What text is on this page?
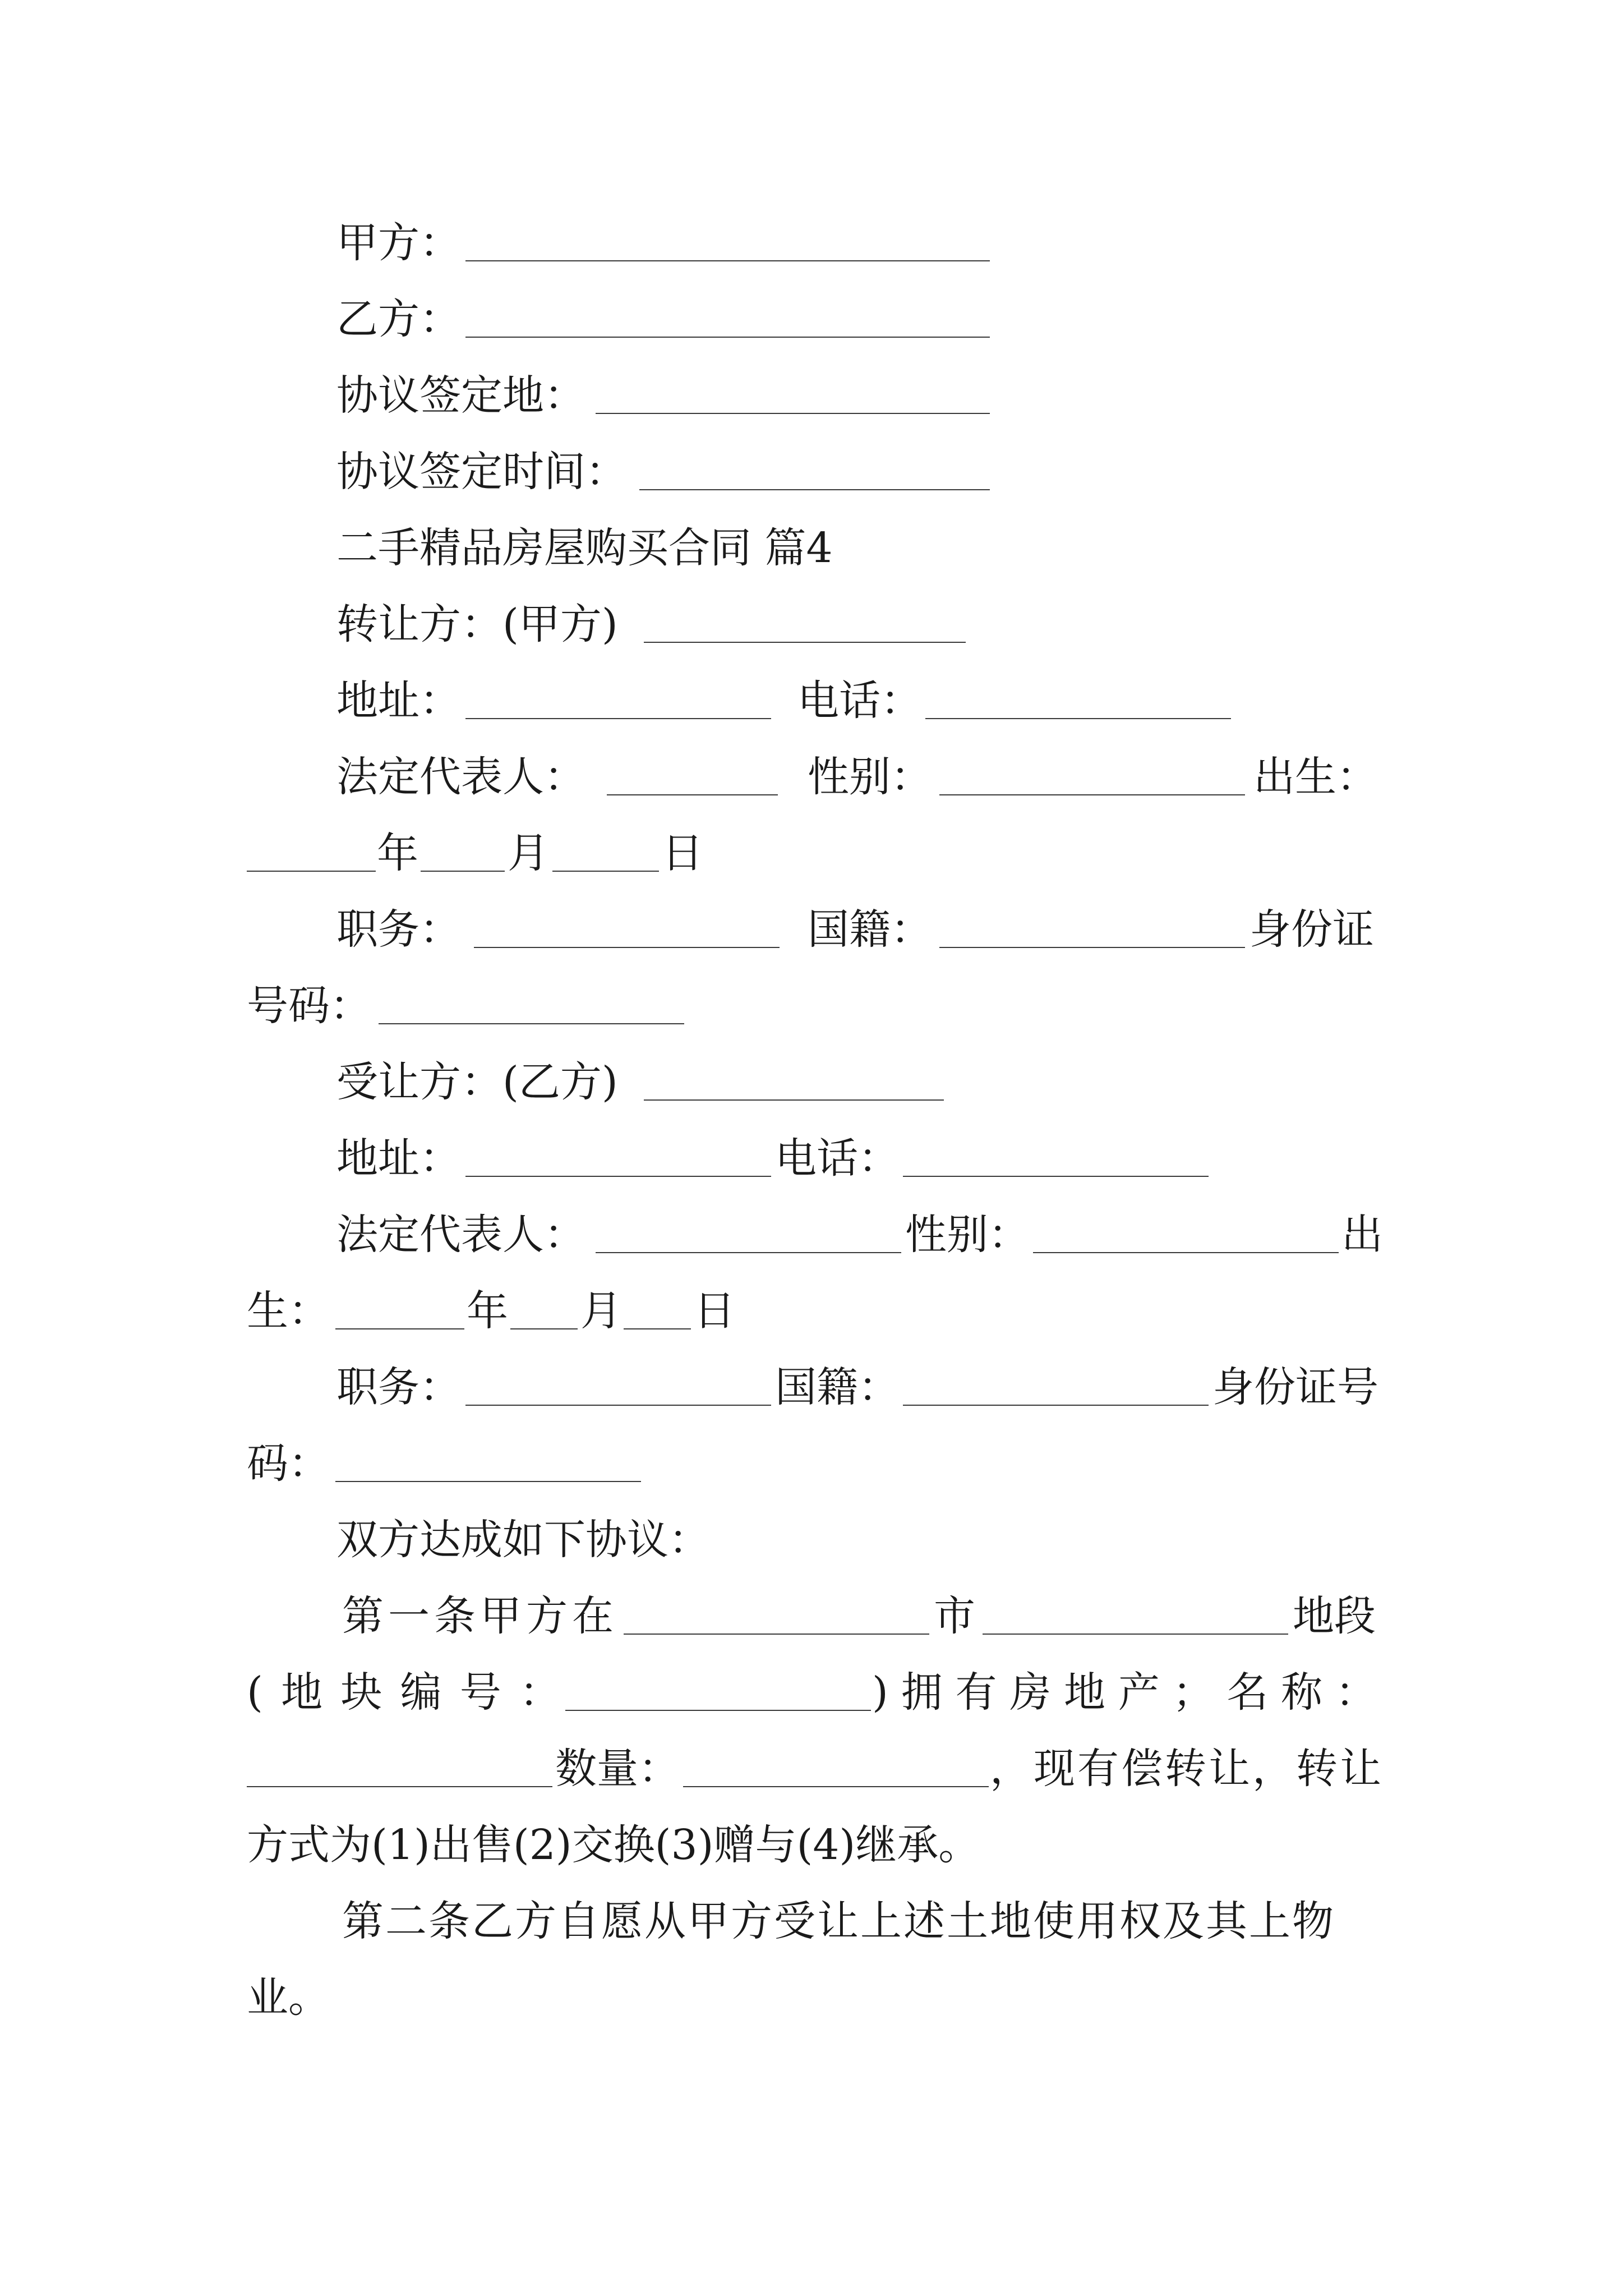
甲方：
乙方：
协议签定地：
协议签定时间：
二手精品房屋购买合同 篇4
转让方：(甲方)
地址：	电话：
法定代表人：	性别：	出生：
年 月	日
职务：	国籍：	身份证
号码：
受让方：(乙方)
地址：	电话：
法定代表人：	性别：	出
生：	年 月 日
职务：	国籍：	身份证号
码：
双方达成如下协议：
第一条甲方在	市	地段
( 地 块 编 号 ：	) 拥 有 房 地 产 ； 名 称 ：
数量：	，现有偿转让，转让
方式为(1)出售(2)交换(3)赠与(4)继承。
第二条乙方自愿从甲方受让上述土地使用权及其上物
业。
